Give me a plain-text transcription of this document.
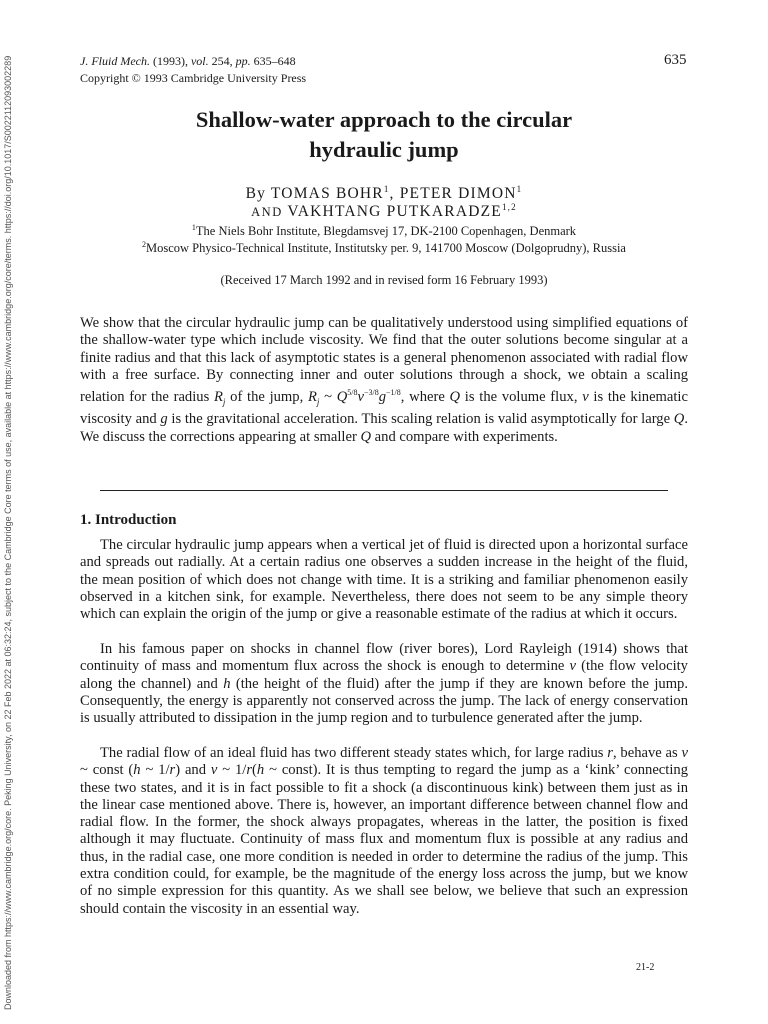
Downloaded from https://www.cambridge.org/core. Peking University, on 22 Feb 2022 at 06:32:24, subject to the Cambridge Core terms of use, available at https://www.cambridge.org/core/terms. https://doi.org/10.1017/S0022112093002289	J. Fluid Mech. (1993), vol. 254, pp. 635–648
Copyright © 1993 Cambridge University Press
635
Shallow-water approach to the circular
hydraulic jump
By TOMAS BOHR$^1$, PETER DIMON$^1$
AND VAKHTANG PUTKARADZE$^{1,2}$
$^1$The Niels Bohr Institute, Blegdamsvej 17, DK-2100 Copenhagen, Denmark
$^2$Moscow Physico-Technical Institute, Institutsky per. 9, 141700 Moscow (Dolgoprudny), Russia
(Received 17 March 1992 and in revised form 16 February 1993)

We show that the circular hydraulic jump can be qualitatively understood using simplified equations of the shallow-water type which include viscosity. We find that the outer solutions become singular at a finite radius and that this lack of asymptotic states is a general phenomenon associated with radial flow with a free surface. By connecting inner and outer solutions through a shock, we obtain a scaling relation for the radius $R_j$ of the jump, $R_j$ ~ $Q^{5/8}\nu^{-3/8}g^{-1/8}$, where Q is the volume flux, ν is the kinematic viscosity and g is the gravitational acceleration. This scaling relation is valid asymptotically for large Q. We discuss the corrections appearing at smaller Q and compare with experiments.

1. Introduction

The circular hydraulic jump appears when a vertical jet of fluid is directed upon a horizontal surface and spreads out radially. At a certain radius one observes a sudden increase in the height of the fluid, the mean position of which does not change with time. It is a striking and familiar phenomenon easily observed in a kitchen sink, for example. Nevertheless, there does not seem to be any simple theory which can explain the origin of the jump or give a reasonable estimate of the radius at which it occurs.

In his famous paper on shocks in channel flow (river bores), Lord Rayleigh (1914) shows that continuity of mass and momentum flux across the shock is enough to determine v (the flow velocity along the channel) and h (the height of the fluid) after the jump if they are known before the jump. Consequently, the energy is apparently not conserved across the jump. The lack of energy conservation is usually attributed to dissipation in the jump region and to turbulence generated after the jump.

The radial flow of an ideal fluid has two different steady states which, for large radius r, behave as v ~ const (h ~ 1/r) and v ~ 1/r(h ~ const). It is thus tempting to regard the jump as a ‘kink’ connecting these two states, and it is in fact possible to fit a shock (a discontinuous kink) between them just as in the linear case mentioned above. There is, however, an important difference between channel flow and radial flow. In the former, the shock always propagates, whereas in the latter, the position is fixed although it may fluctuate. Continuity of mass flux and momentum flux is possible at any radius and thus, in the radial case, one more condition is needed in order to determine the radius of the jump. This extra condition could, for example, be the magnitude of the energy loss across the jump, but we know of no simple expression for this quantity. As we shall see below, we believe that such an expression should contain the viscosity in an essential way.

21-2
